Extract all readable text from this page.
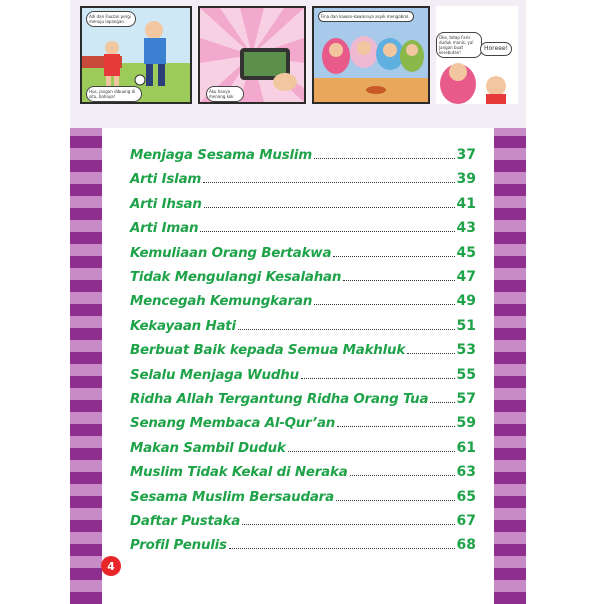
Adi dan Fauzan pergi menuju lapangan.
Hus, jangan dibuang di situ, bahaya!
Aku hanya menang kok
Fina dan kawan-kawannya asyik mengobrol.
Oke, tetap Faris duduk manis, ya! Jangan buat kerebutan!
Horeee!
Menjaga Sesama Muslim	37
Arti Islam	39
Arti Ihsan	41
Arti Iman	43
Kemuliaan Orang Bertakwa	45
Tidak Mengulangi Kesalahan	47
Mencegah Kemungkaran	49
Kekayaan Hati	51
Berbuat Baik kepada Semua Makhluk	53
Selalu Menjaga Wudhu	55
Ridha Allah Tergantung Ridha Orang Tua 57
Senang Membaca Al-Qur’an	59
Makan Sambil Duduk	61
Muslim Tidak Kekal di Neraka	63
Sesama Muslim Bersaudara	65
Daftar Pustaka	67
Profil Penulis	68
4
